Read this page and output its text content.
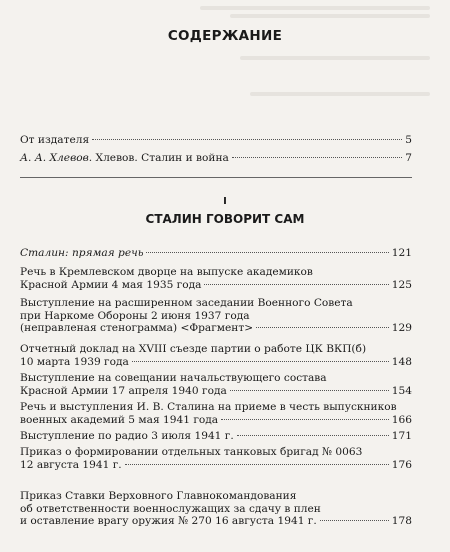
СОДЕРЖАНИЕ
От издателя	5
А. А. Хлевов. Хлевов. Сталин и война	7
I
СТАЛИН ГОВОРИТ САМ
Сталин: прямая речь	121
Речь в Кремлевском дворце на выпуске академиков
Красной Армии 4 мая 1935 года	125
Выступление на расширенном заседании Военного Совета
при Наркоме Обороны 2 июня 1937 года
(неправленая стенограмма) <Фрагмент>	129
Отчетный доклад на XVIII съезде партии о работе ЦК ВКП(б)
10 марта 1939 года	148
Выступление на совещании начальствующего состава
Красной Армии 17 апреля 1940 года	154
Речь и выступления И. В. Сталина на приеме в честь выпускников
военных академий 5 мая 1941 года	166
Выступление по радио 3 июля 1941 г.	171
Приказ о формировании отдельных танковых бригад № 0063
12 августа 1941 г.	176
Приказ Ставки Верховного Главнокомандования
об ответственности военнослужащих за сдачу в плен
и оставление врагу оружия № 270 16 августа 1941 г.	178
